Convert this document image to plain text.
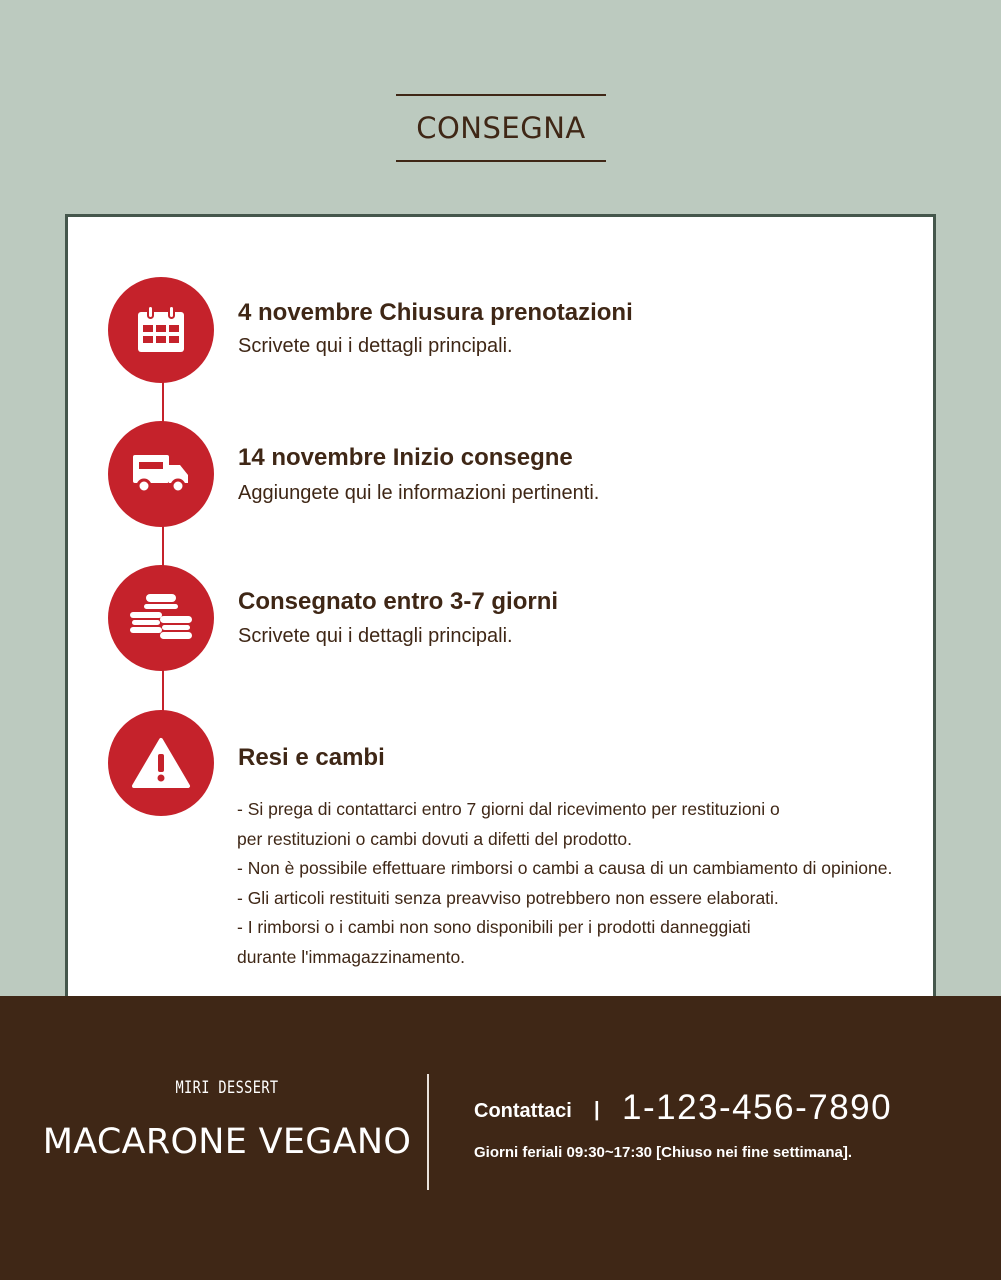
CONSEGNA
4 novembre Chiusura prenotazioni
Scrivete qui i dettagli principali.
14 novembre Inizio consegne
Aggiungete qui le informazioni pertinenti.
Consegnato entro 3-7 giorni
Scrivete qui i dettagli principali.
Resi e cambi
- Si prega di contattarci entro 7 giorni dal ricevimento per restituzioni o
per restituzioni o cambi dovuti a difetti del prodotto.
- Non è possibile effettuare rimborsi o cambi a causa di un cambiamento di opinione.
- Gli articoli restituiti senza preavviso potrebbero non essere elaborati.
- I rimborsi o i cambi non sono disponibili per i prodotti danneggiati
durante l'immagazzinamento.
MIRI DESSERT
MACARONE VEGANO
Contattaci | 1-123-456-7890
Giorni feriali 09:30~17:30 [Chiuso nei fine settimana].
